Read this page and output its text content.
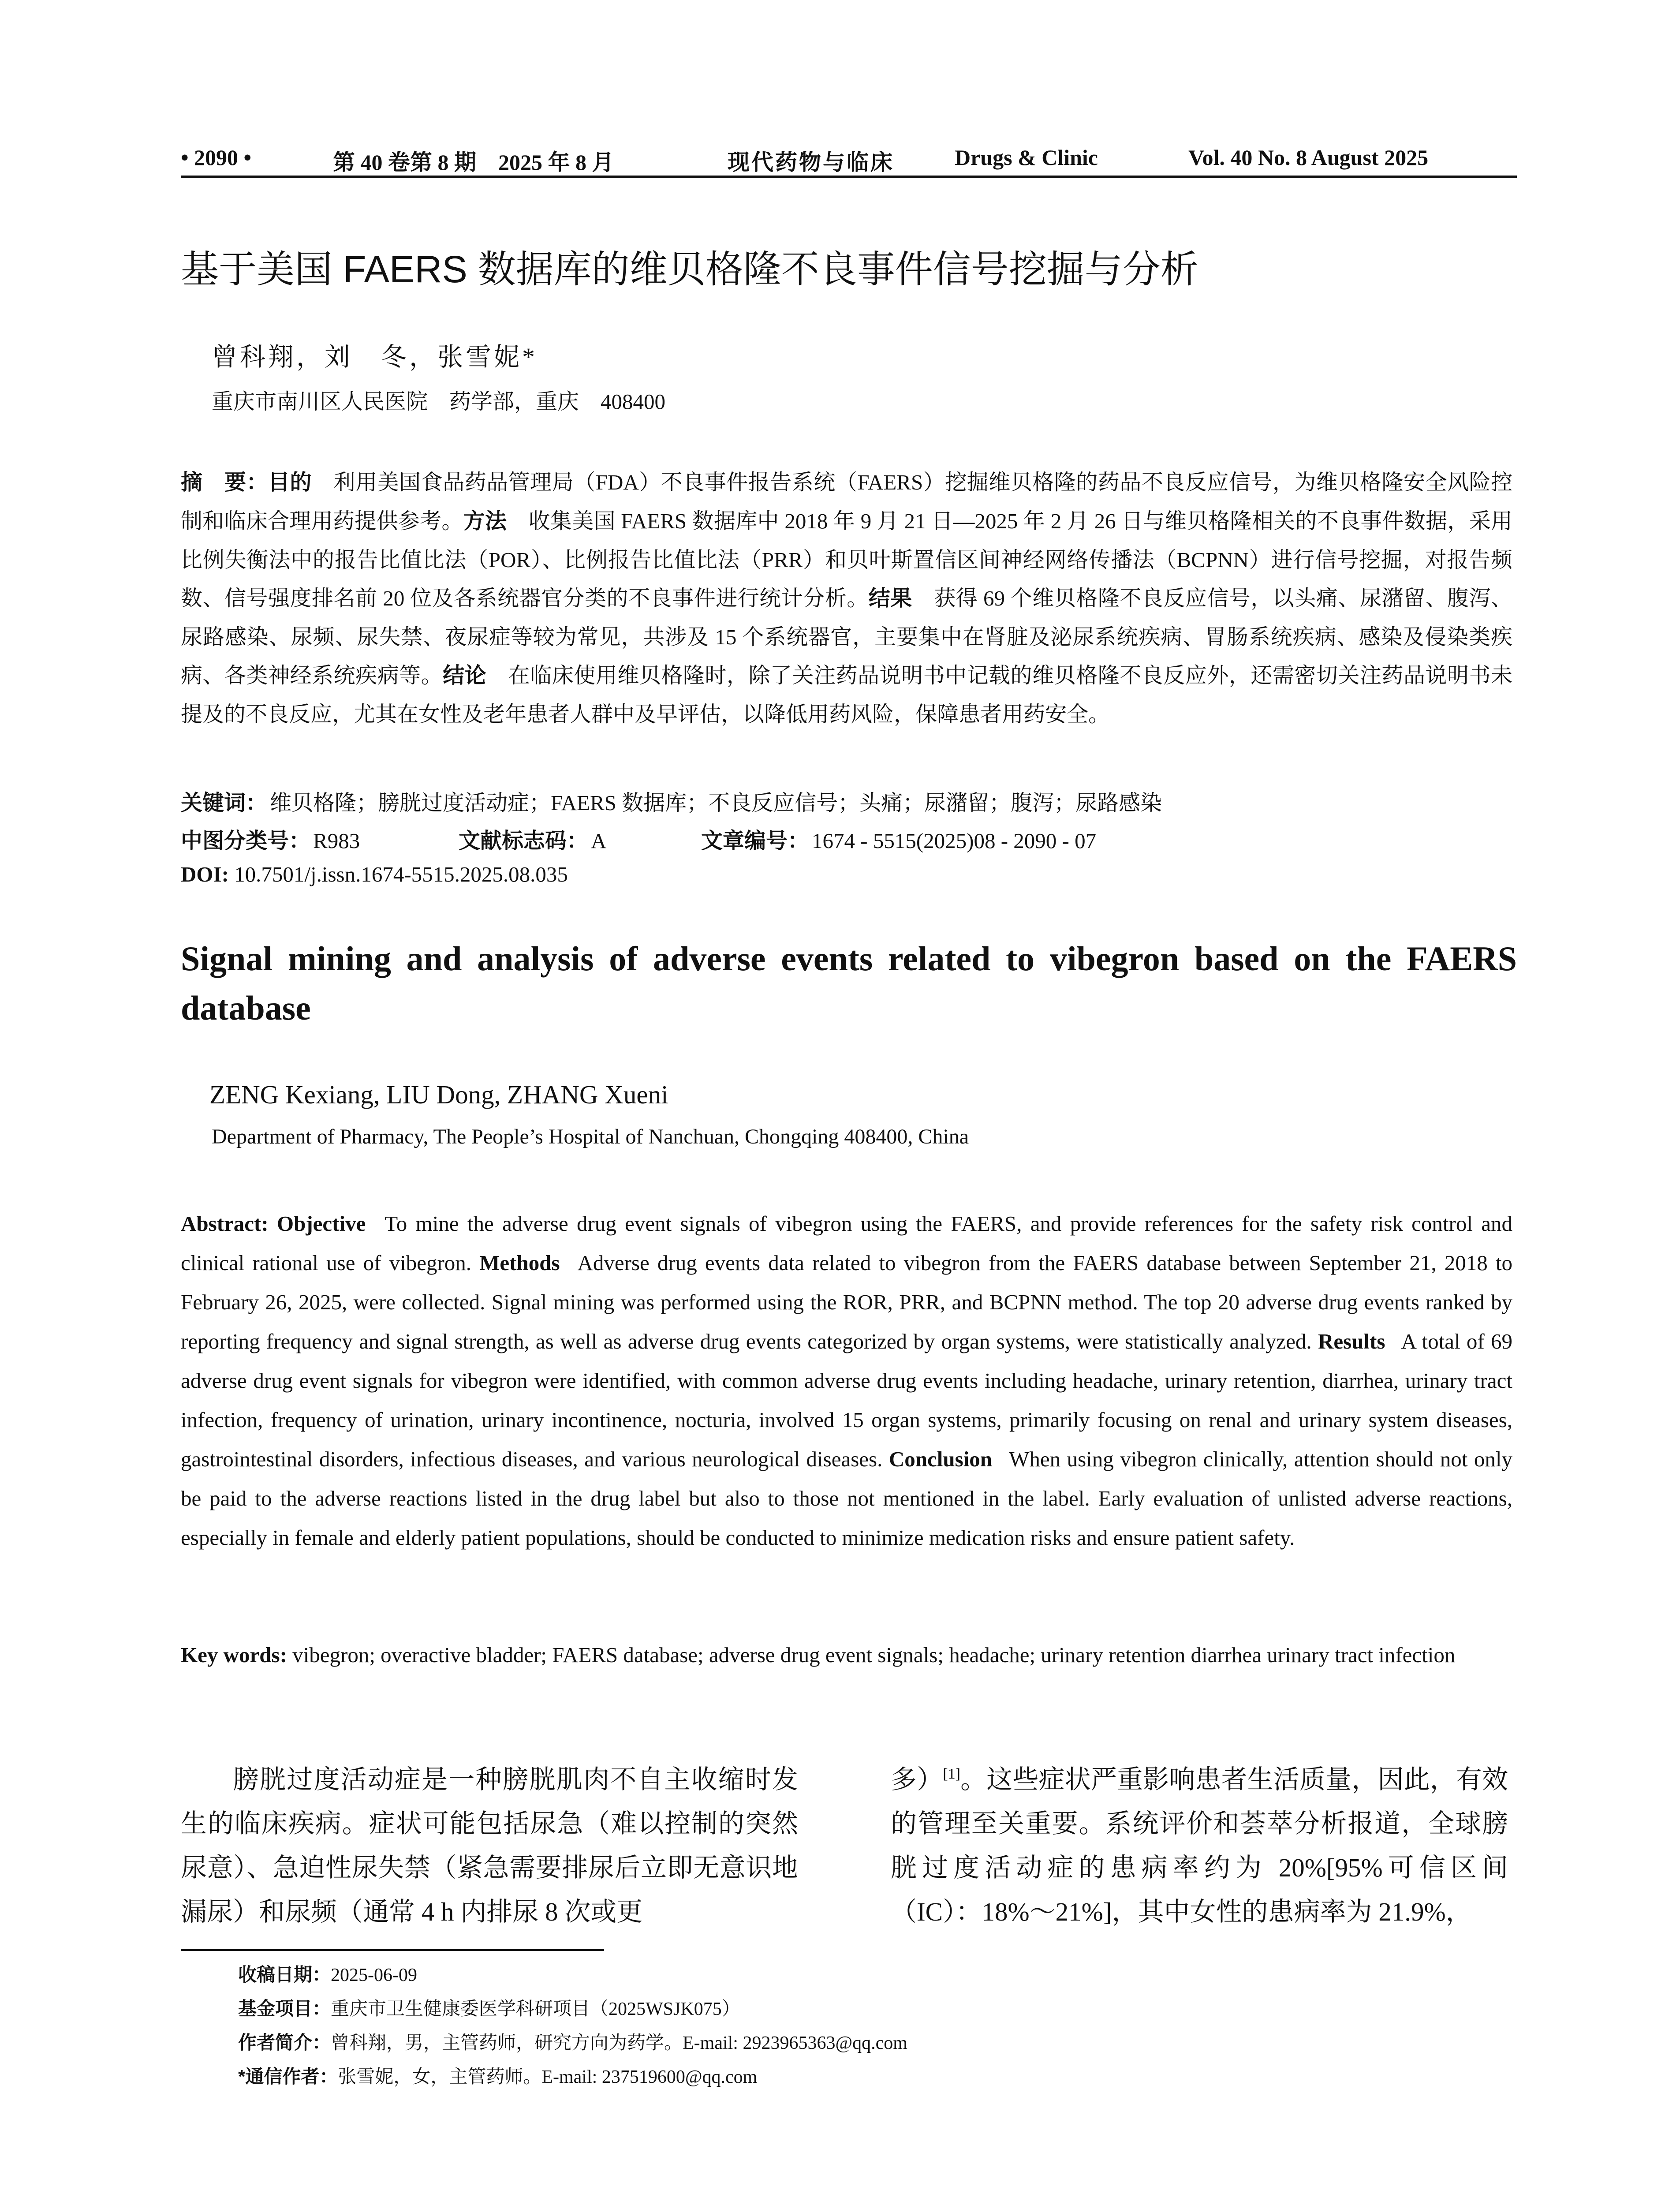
• 2090 •	第 40 卷第 8 期　2025 年 8 月	现代药物与临床	Drugs & Clinic	Vol. 40 No. 8 August 2025
基于美国 FAERS 数据库的维贝格隆不良事件信号挖掘与分析
曾科翔，刘　冬，张雪妮*
重庆市南川区人民医院　药学部，重庆　408400
摘　要：目的  利用美国食品药品管理局（FDA）不良事件报告系统（FAERS）挖掘维贝格隆的药品不良反应信号，为维贝格隆安全风险控制和临床合理用药提供参考。方法  收集美国 FAERS 数据库中 2018 年 9 月 21 日—2025 年 2 月 26 日与维贝格隆相关的不良事件数据，采用比例失衡法中的报告比值比法（POR）、比例报告比值比法（PRR）和贝叶斯置信区间神经网络传播法（BCPNN）进行信号挖掘，对报告频数、信号强度排名前 20 位及各系统器官分类的不良事件进行统计分析。结果  获得 69 个维贝格隆不良反应信号，以头痛、尿潴留、腹泻、尿路感染、尿频、尿失禁、夜尿症等较为常见，共涉及 15 个系统器官，主要集中在肾脏及泌尿系统疾病、胃肠系统疾病、感染及侵染类疾病、各类神经系统疾病等。结论  在临床使用维贝格隆时，除了关注药品说明书中记载的维贝格隆不良反应外，还需密切关注药品说明书未提及的不良反应，尤其在女性及老年患者人群中及早评估，以降低用药风险，保障患者用药安全。
关键词： 维贝格隆；膀胱过度活动症；FAERS 数据库；不良反应信号；头痛；尿潴留；腹泻；尿路感染
中图分类号： R983	文献标志码： A	文章编号： 1674 - 5515(2025)08 - 2090 - 07
DOI: 10.7501/j.issn.1674-5515.2025.08.035
Signal mining and analysis of adverse events related to vibegron based on the FAERS database
ZENG Kexiang, LIU Dong, ZHANG Xueni
Department of Pharmacy, The People’s Hospital of Nanchuan, Chongqing 408400, China
Abstract: Objective  To mine the adverse drug event signals of vibegron using the FAERS, and provide references for the safety risk control and clinical rational use of vibegron. Methods  Adverse drug events data related to vibegron from the FAERS database between September 21, 2018 to February 26, 2025, were collected. Signal mining was performed using the ROR, PRR, and BCPNN method. The top 20 adverse drug events ranked by reporting frequency and signal strength, as well as adverse drug events categorized by organ systems, were statistically analyzed. Results  A total of 69 adverse drug event signals for vibegron were identified, with common adverse drug events including headache, urinary retention, diarrhea, urinary tract infection, frequency of urination, urinary incontinence, nocturia, involved 15 organ systems, primarily focusing on renal and urinary system diseases, gastrointestinal disorders, infectious diseases, and various neurological diseases. Conclusion  When using vibegron clinically, attention should not only be paid to the adverse reactions listed in the drug label but also to those not mentioned in the label. Early evaluation of unlisted adverse reactions, especially in female and elderly patient populations, should be conducted to minimize medication risks and ensure patient safety.
Key words: vibegron; overactive bladder; FAERS database; adverse drug event signals; headache; urinary retention diarrhea urinary tract infection
膀胱过度活动症是一种膀胱肌肉不自主收缩时发生的临床疾病。症状可能包括尿急（难以控制的突然尿意）、急迫性尿失禁（紧急需要排尿后立即无意识地漏尿）和尿频（通常 4 h 内排尿 8 次或更
多）[1]。这些症状严重影响患者生活质量，因此，有效的管理至关重要。系统评价和荟萃分析报道，全球膀胱过度活动症的患病率约为 20%[95%可信区间（IC）：18%～21%]，其中女性的患病率为 21.9%，
收稿日期：2025-06-09
基金项目：重庆市卫生健康委医学科研项目（2025WSJK075）
作者简介：曾科翔，男，主管药师，研究方向为药学。E-mail: 2923965363@qq.com
*通信作者：张雪妮，女，主管药师。E-mail: 237519600@qq.com
